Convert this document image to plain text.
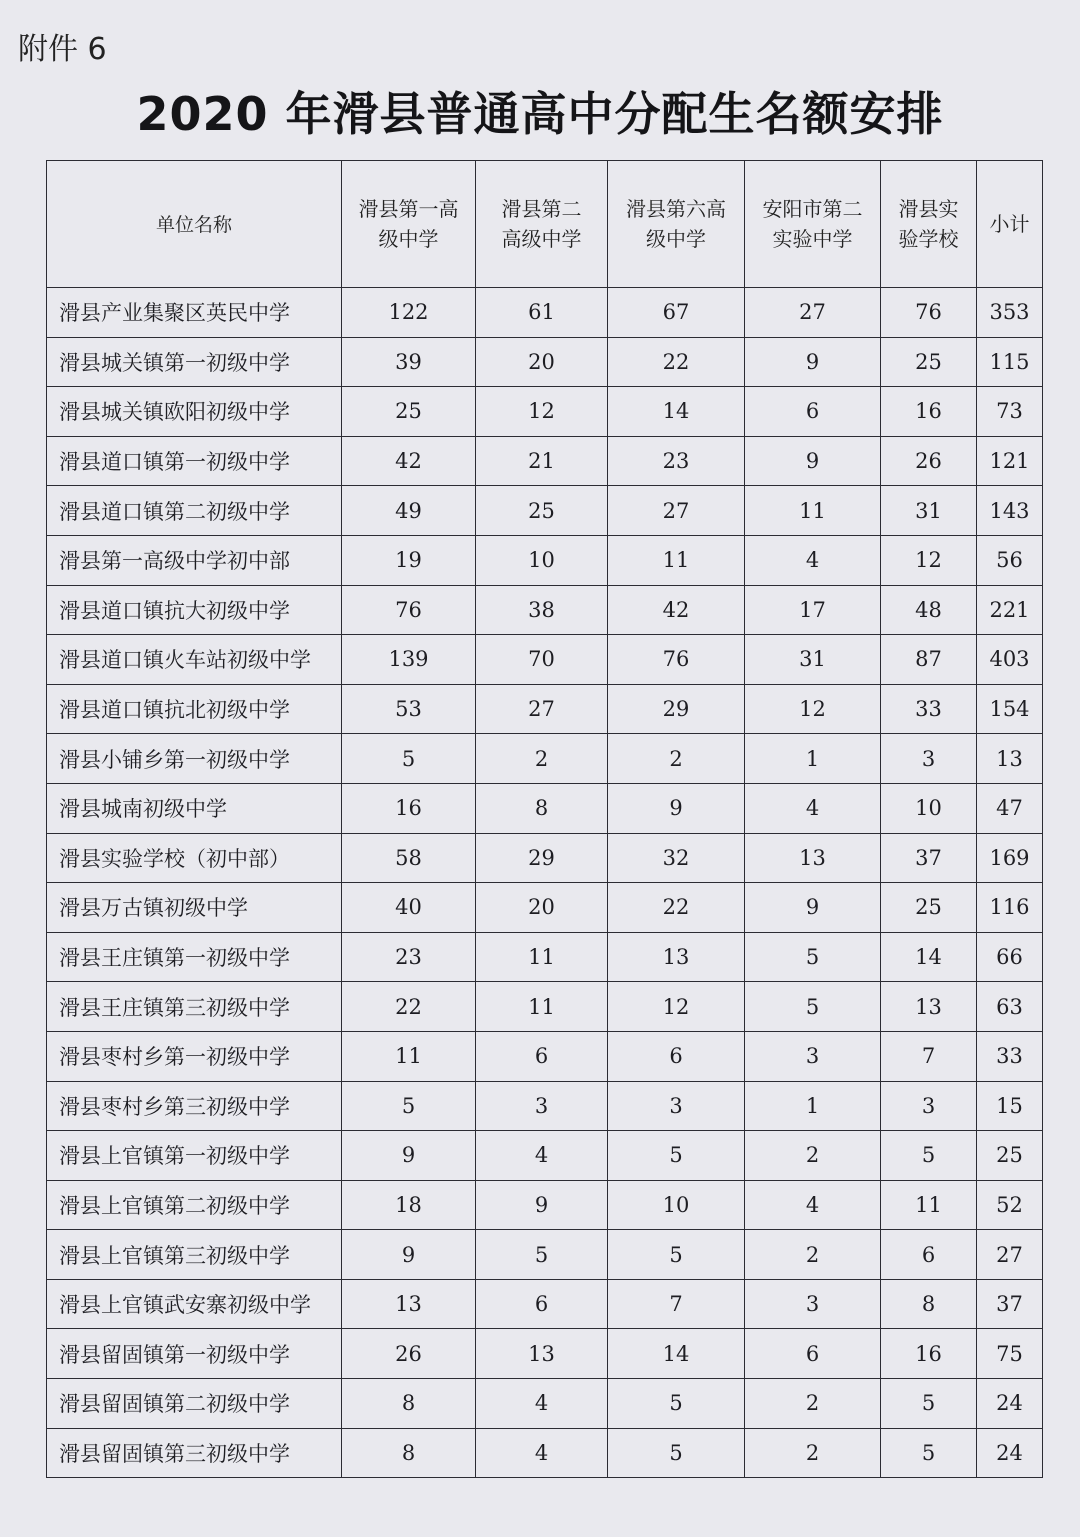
附件 6
2020 年滑县普通高中分配生名额安排
单位名称	滑县第一高级中学	滑县第二高级中学	滑县第六高级中学	安阳市第二实验中学	滑县实验学校	小计
滑县产业集聚区英民中学	122	61	67	27	76	353
滑县城关镇第一初级中学	39	20	22	9	25	115
滑县城关镇欧阳初级中学	25	12	14	6	16	73
滑县道口镇第一初级中学	42	21	23	9	26	121
滑县道口镇第二初级中学	49	25	27	11	31	143
滑县第一高级中学初中部	19	10	11	4	12	56
滑县道口镇抗大初级中学	76	38	42	17	48	221
滑县道口镇火车站初级中学	139	70	76	31	87	403
滑县道口镇抗北初级中学	53	27	29	12	33	154
滑县小铺乡第一初级中学	5	2	2	1	3	13
滑县城南初级中学	16	8	9	4	10	47
滑县实验学校（初中部）	58	29	32	13	37	169
滑县万古镇初级中学	40	20	22	9	25	116
滑县王庄镇第一初级中学	23	11	13	5	14	66
滑县王庄镇第三初级中学	22	11	12	5	13	63
滑县枣村乡第一初级中学	11	6	6	3	7	33
滑县枣村乡第三初级中学	5	3	3	1	3	15
滑县上官镇第一初级中学	9	4	5	2	5	25
滑县上官镇第二初级中学	18	9	10	4	11	52
滑县上官镇第三初级中学	9	5	5	2	6	27
滑县上官镇武安寨初级中学	13	6	7	3	8	37
滑县留固镇第一初级中学	26	13	14	6	16	75
滑县留固镇第二初级中学	8	4	5	2	5	24
滑县留固镇第三初级中学	8	4	5	2	5	24
